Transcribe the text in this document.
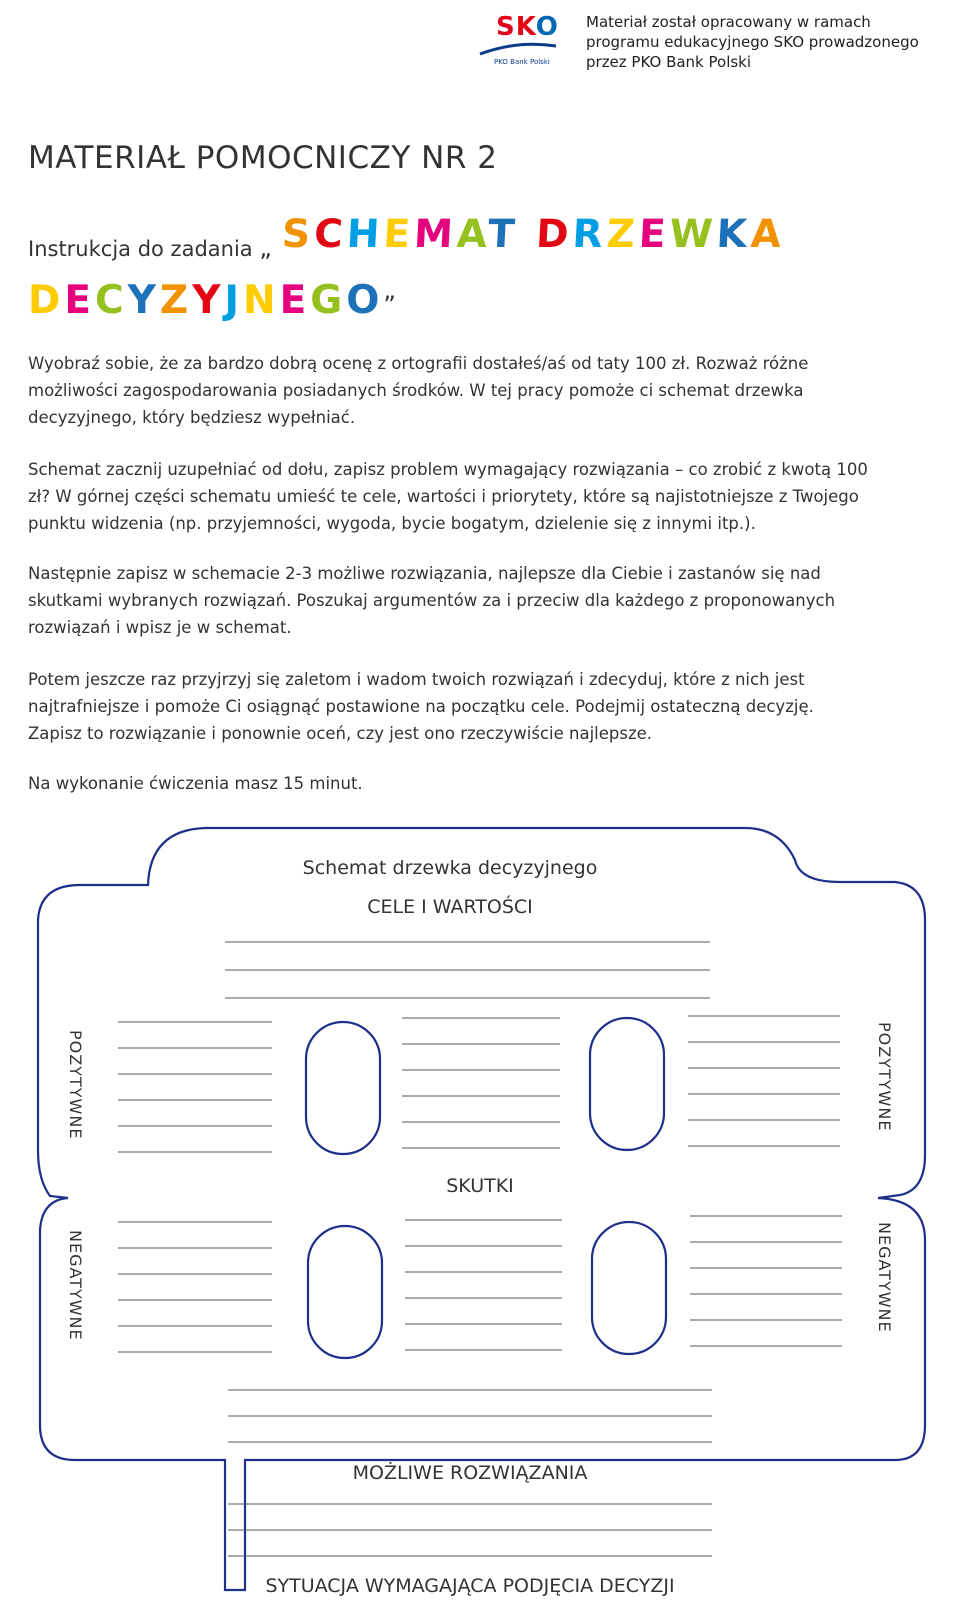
SKO
PKO Bank Polski
Materiał został opracowany w ramach programu edukacyjnego SKO prowadzonego przez PKO Bank Polski
MATERIAŁ POMOCNICZY NR 2
Instrukcja do zadania „ SCHEMAT DRZEWKA
DECYZYJNEGO”
Wyobraź sobie, że za bardzo dobrą ocenę z ortografii dostałeś/aś od taty 100 zł. Rozważ różne możliwości zagospodarowania posiadanych środków. W tej pracy pomoże ci schemat drzewka decyzyjnego, który będziesz wypełniać.
Schemat zacznij uzupełniać od dołu, zapisz problem wymagający rozwiązania – co zrobić z kwotą 100 zł? W górnej części schematu umieść te cele, wartości i priorytety, które są najistotniejsze z Twojego punktu widzenia (np. przyjemności, wygoda, bycie bogatym, dzielenie się z innymi itp.).
Następnie zapisz w schemacie 2-3 możliwe rozwiązania, najlepsze dla Ciebie i zastanów się nad skutkami wybranych rozwiązań. Poszukaj argumentów za i przeciw dla każdego z proponowanych rozwiązań i wpisz je w schemat.
Potem jeszcze raz przyjrzyj się zaletom i wadom twoich rozwiązań i zdecyduj, które z nich jest najtrafniejsze i pomoże Ci osiągnąć postawione na początku cele. Podejmij ostateczną decyzję. Zapisz to rozwiązanie i ponownie oceń, czy jest ono rzeczywiście najlepsze.
Na wykonanie ćwiczenia masz 15 minut.
Schemat drzewka decyzyjnego
CELE I WARTOŚCI
SKUTKI
MOŻLIWE ROZWIĄZANIA
SYTUACJA WYMAGAJĄCA PODJĘCIA DECYZJI
POZYTYWNE	POZYTYWNE
NEGATYWNE	NEGATYWNE
